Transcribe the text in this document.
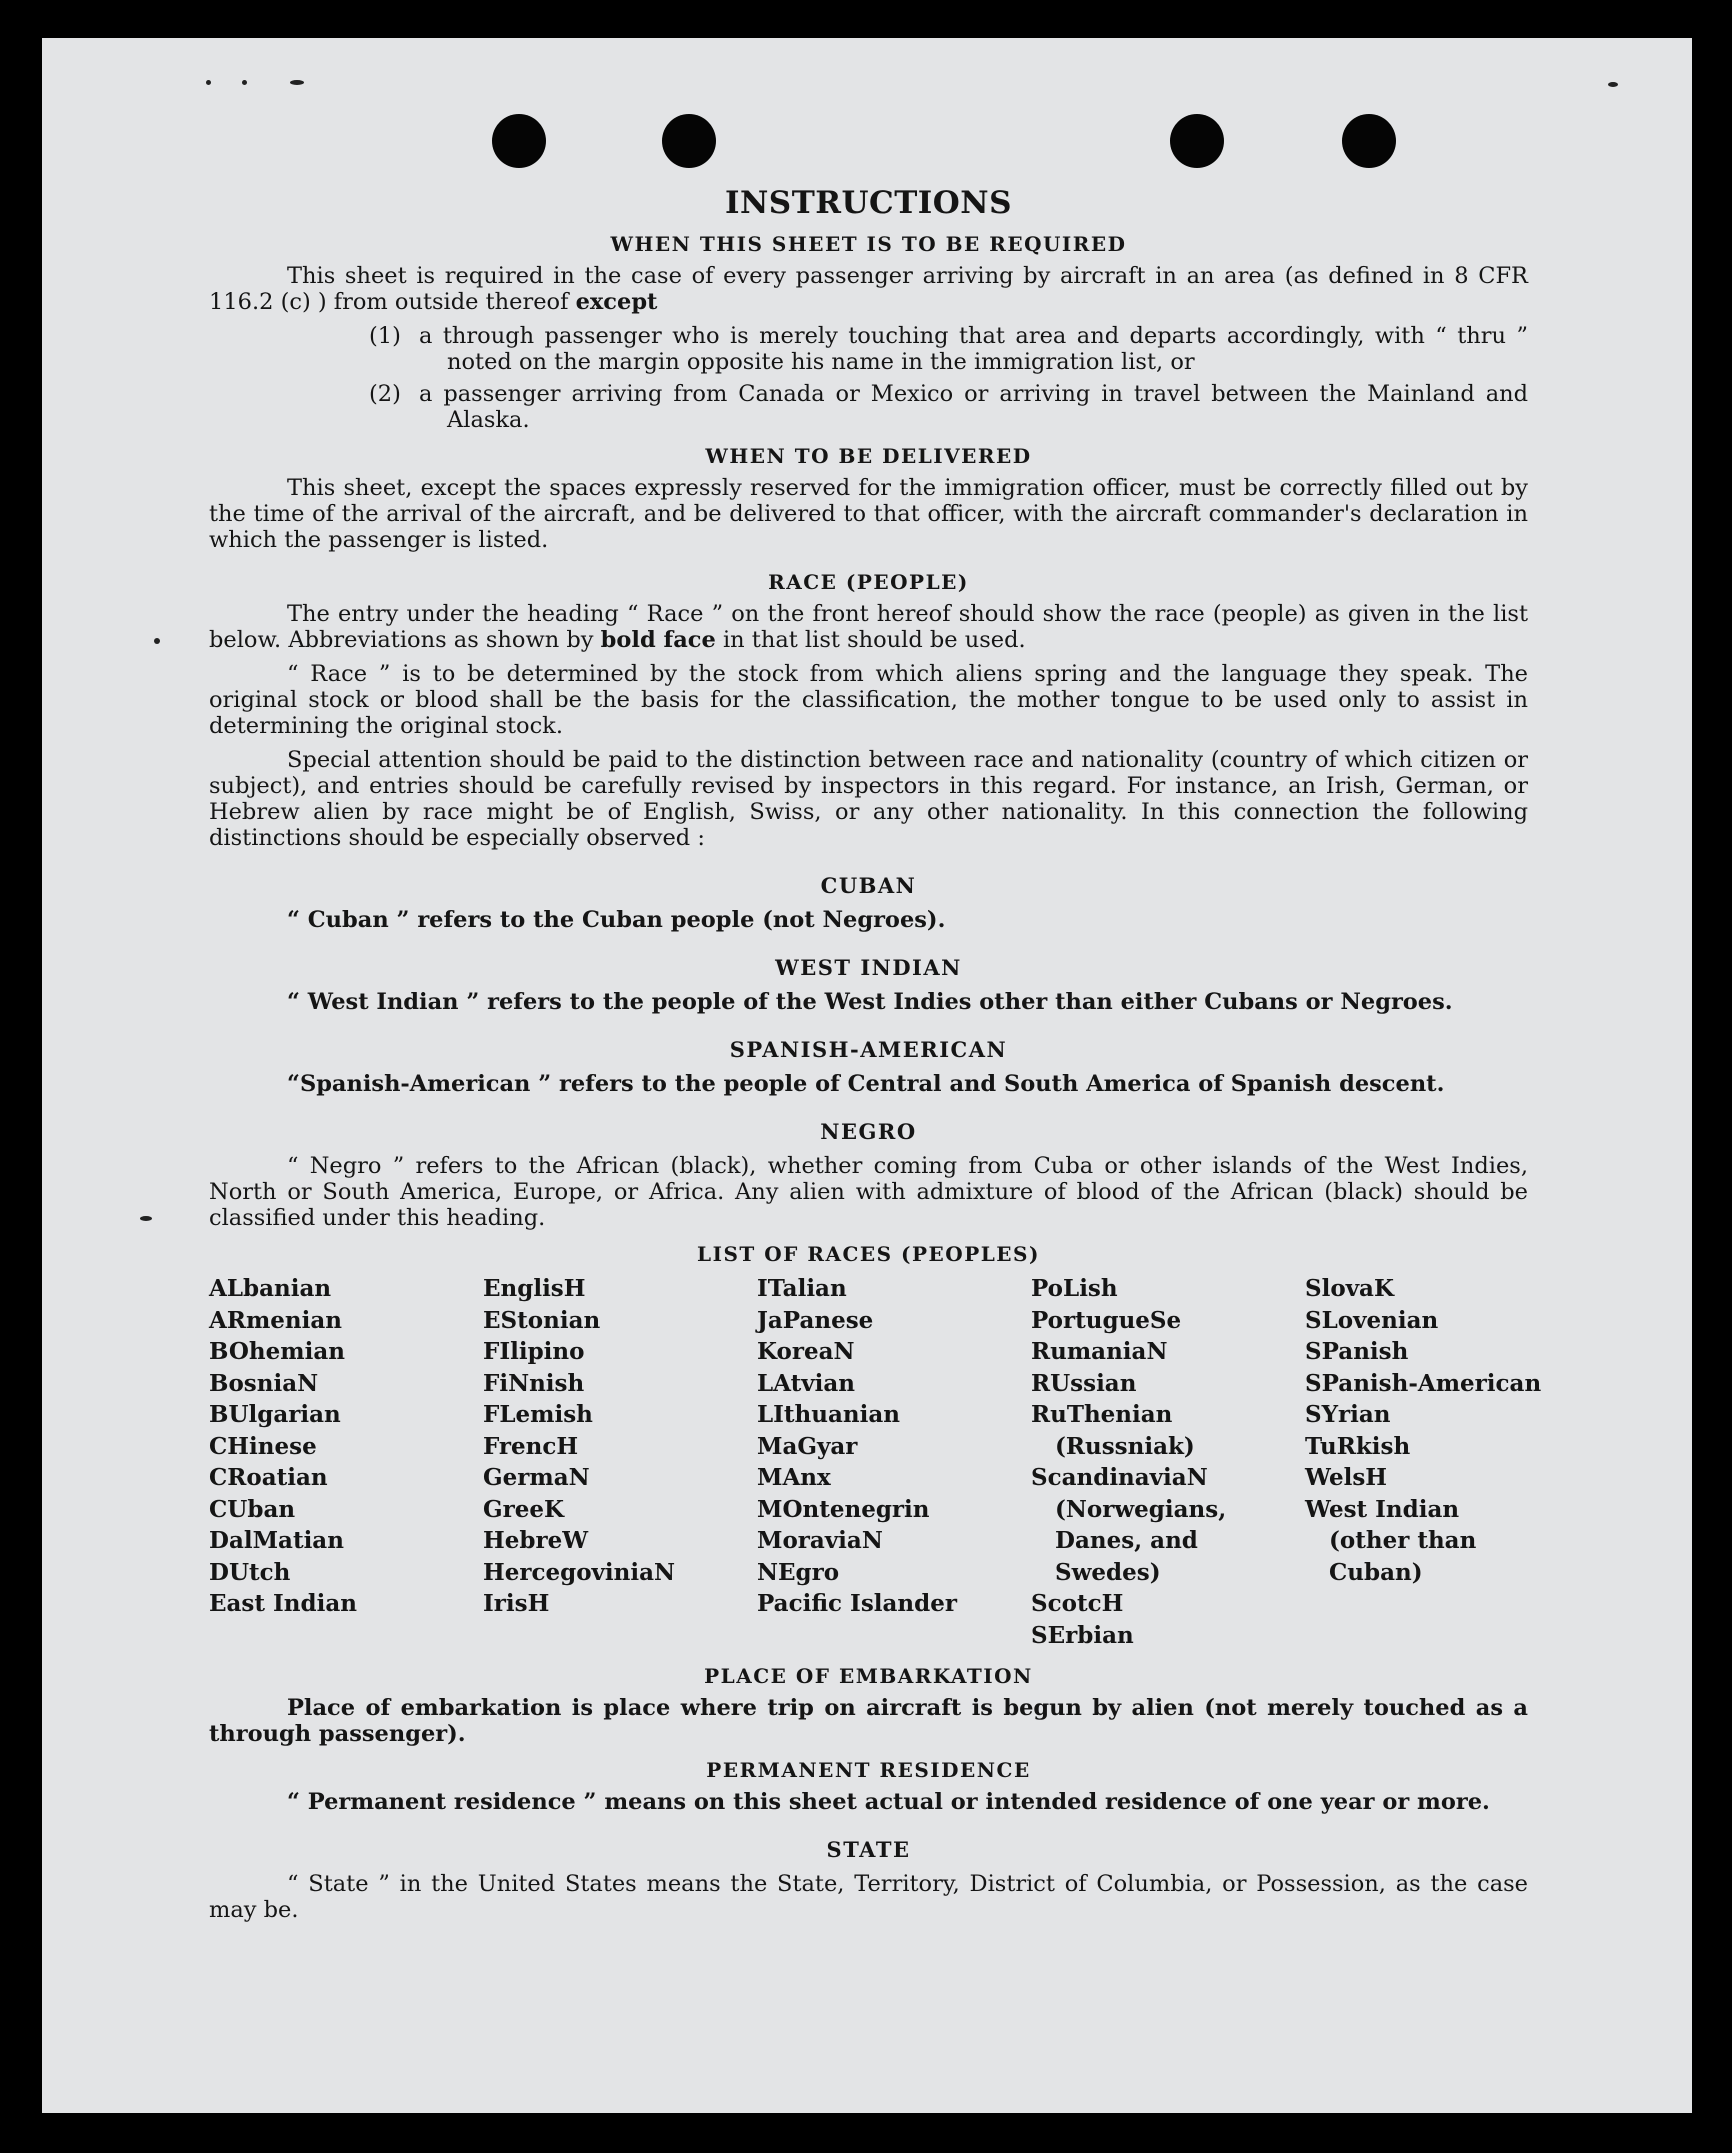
INSTRUCTIONS
WHEN THIS SHEET IS TO BE REQUIRED

This sheet is required in the case of every passenger arriving by aircraft in an area (as defined in 8 CFR 116.2 (c) ) from outside thereof except

(1) a through passenger who is merely touching that area and departs accordingly, with “ thru ” noted on the margin opposite his name in the immigration list, or
(2) a passenger arriving from Canada or Mexico or arriving in travel between the Mainland and Alaska.
WHEN TO BE DELIVERED

This sheet, except the spaces expressly reserved for the immigration officer, must be correctly filled out by the time of the arrival of the aircraft, and be delivered to that officer, with the aircraft commander's declaration in which the passenger is listed.

RACE (PEOPLE)

The entry under the heading “ Race ” on the front hereof should show the race (people) as given in the list below. Abbreviations as shown by bold face in that list should be used.

“ Race ” is to be determined by the stock from which aliens spring and the language they speak. The original stock or blood shall be the basis for the classification, the mother tongue to be used only to assist in determining the original stock.

Special attention should be paid to the distinction between race and nationality (country of which citizen or subject), and entries should be carefully revised by inspectors in this regard. For instance, an Irish, German, or Hebrew alien by race might be of English, Swiss, or any other nationality. In this connection the following distinctions should be especially observed :

CUBAN

“ Cuban ” refers to the Cuban people (not Negroes).

WEST INDIAN

“ West Indian ” refers to the people of the West Indies other than either Cubans or Negroes.

SPANISH-AMERICAN

“Spanish-American ” refers to the people of Central and South America of Spanish descent.

NEGRO

“ Negro ” refers to the African (black), whether coming from Cuba or other islands of the West Indies, North or South America, Europe, or Africa. Any alien with admixture of blood of the African (black) should be classified under this heading.

LIST OF RACES (PEOPLES)
ALbanian
ARmenian
BOhemian
BosniaN
BUlgarian
CHinese
CRoatian
CUban
DalMatian
DUtch
East Indian
EnglisH
EStonian
FIlipino
FiNnish
FLemish
FrencH
GermaN
GreeK
HebreW
HercegoviniaN
IrisH
ITalian
JaPanese
KoreaN
LAtvian
LIthuanian
MaGyar
MAnx
MOntenegrin
MoraviaN
NEgro
Pacific Islander
PoLish
PortugueSe
RumaniaN
RUssian
RuThenian (Russniak)
ScandinaviaN (Norwegians, Danes, and Swedes)
ScotcH
SErbian
SlovaK
SLovenian
SPanish
SPanish-American
SYrian
TuRkish
WelsH
West Indian (other than Cuban)
PLACE OF EMBARKATION

Place of embarkation is place where trip on aircraft is begun by alien (not merely touched as a through passenger).

PERMANENT RESIDENCE

“ Permanent residence ” means on this sheet actual or intended residence of one year or more.

STATE

“ State ” in the United States means the State, Territory, District of Columbia, or Possession, as the case may be.
